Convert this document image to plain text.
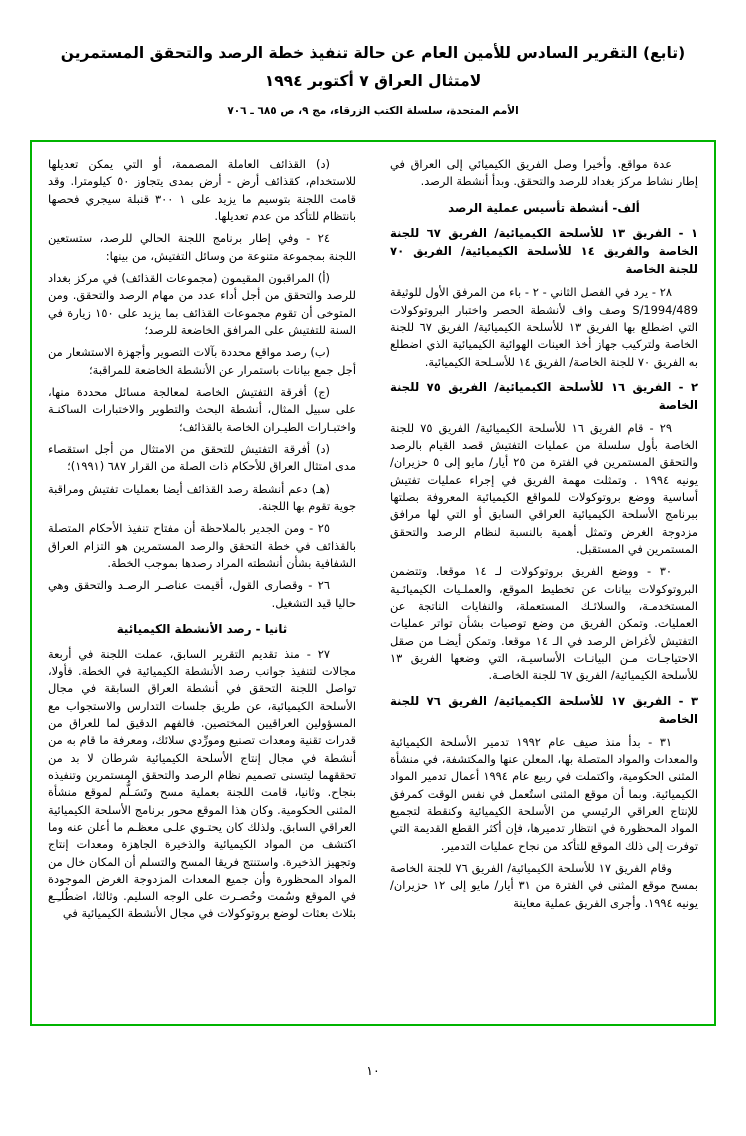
(تابع) التقرير السادس للأمين العام عن حالة تنفيذ خطة الرصد والتحقق المستمرين
لامتثال العراق ٧ أكتوبر ١٩٩٤
الأمم المتحدة، سلسلة الكتب الزرقاء، مج ٩، ص ٦٨٥ ـ ٧٠٦

عدة مواقع. وأخيرا وصل الفريق الكيميائي إلى العراق في إطار نشاط مركز بغداد للرصد والتحقق. وبدأ أنشطة الرصد.

ألف- أنشطة تأسيس عملية الرصد
١ - الفريق ١٣ للأسلحة الكيميائية/ الفريق ٦٧ للجنة الخاصة والفريق ١٤ للأسلحة الكيميائية/ الفريق ٧٠ للجنة الخاصة

٢٨ - يرد في الفصل الثاني - ٢ - باء من المرفق الأول للوثيقة S/1994/489 وصف واف لأنشطة الحصر واختبار البروتوكولات التي اضطلع بها الفريق ١٣ للأسلحة الكيميائية/ الفريق ٦٧ للجنة الخاصة ولتركيب جهاز أخذ العينات الهوائية الكيميائية الذي اضطلع به الفريق ٧٠ للجنة الخاصة/ الفريق ١٤ للأسـلحة الكيميائية.

٢ - الفريق ١٦ للأسلحة الكيميائية/ الفريق ٧٥ للجنة الخاصة

٢٩ - قام الفريق ١٦ للأسلحة الكيميائية/ الفريق ٧٥ للجنة الخاصة بأول سلسلة من عمليات التفتيش قصد القيام بالرصد والتحقق المستمرين في الفترة من ٢٥ أيار/ مايو إلى ٥ حزيران/ يونيه ١٩٩٤ . وتمثلت مهمة الفريق في إجراء عمليات تفتيش أساسية ووضع بروتوكولات للمواقع الكيميائية المعروفة بصلتها ببرنامج الأسلحة الكيميائية العراقي السابق أو التي لها مرافق مزدوجة الغرض وتمثل أهمية بالنسبة لنظام الرصد والتحقق المستمرين في المستقبل.

٣٠ - ووضع الفريق بروتوكولات لـ ١٤ موقعا. وتتضمن البروتوكولات بيانات عن تخطيط الموقع، والعملـيات الكيميائـية المستخدمـة، والسلائـك المستعملة، والنفايات الناتجة عن العمليات. وتمكن الفريق من وضع توصيات بشأن تواتر عمليات التفتيش لأغراض الرصد في الـ ١٤ موقعا. وتمكن أيضـا من صقل الاحتياجـات مـن البيانـات الأساسيـة، التي وضعها الفريق ١٣ للأسلحة الكيميائية/ الفريق ٦٧ للجنة الخاصـة.

٣ - الفريق ١٧ للأسلحة الكيميائية/ الفريق ٧٦ للجنة الخاصة

٣١ - بدأ منذ صيف عام ١٩٩٢ تدمير الأسلحة الكيميائية والمعدات والمواد المتصلة بها، المعلن عنها والمكتشفة، في منشأة المثنى الحكومية، واكتملت في ربيع عام ١٩٩٤ أعمال تدمير المواد الكيميائية. وبما أن موقع المثنى استُعمل في نفس الوقت كمرفق للإنتاج العراقي الرئيسي من الأسلحة الكيميائية وكنقطة لتجميع المواد المحظورة في انتظار تدميرها، فإن أكثر القطع القديمة التي توفرت إلى ذلك الموقع للتأكد من نجاح عمليات التدمير.

وقام الفريق ١٧ للأسلحة الكيميائية/ الفريق ٧٦ للجنة الخاصة بمسح موقع المثنى في الفترة من ٣١ أيار/ مايو إلى ١٢ حزيران/ يونيه ١٩٩٤. وأجرى الفريق عملية معاينة

(د) القذائف العاملة المصممة، أو التي يمكن تعديلها للاستخدام، كقذائف أرض - أرض بمدى يتجاوز ٥٠ كيلومترا. وقد قامت اللجنة بتوسيم ما يزيد على ١ ٣٠٠ قنبلة سيجري فحصها بانتظام للتأكد من عدم تعديلها.

٢٤ - وفي إطار برنامج اللجنة الحالي للرصد، ستستعين اللجنة بمجموعة متنوعة من وسائل التفتيش، من بينها:

(أ) المراقبون المقيمون (مجموعات القذائف) في مركز بغداد للرصد والتحقق من أجل أداء عدد من مهام الرصد والتحقق. ومن المتوخى أن تقوم مجموعات القذائف بما يزيد على ١٥٠ زيارة في السنة للتفتيش على المرافق الخاضعة للرصد؛

(ب) رصد مواقع محددة بآلات التصوير وأجهزة الاستشعار من أجل جمع بيانات باستمرار عن الأنشطة الخاضعة للمراقبة؛

(ج) أفرقة التفتيش الخاصة لمعالجة مسائل محددة منها، على سبيل المثال، أنشطة البحث والتطوير والاختبارات الساكنـة واختبـارات الطيـران الخاصة بالقذائف؛

(د) أفرقة التفتيش للتحقق من الامتثال من أجل استقصاء مدى امتثال العراق للأحكام ذات الصلة من القرار ٦٨٧ (١٩٩١)؛

(هـ) دعم أنشطة رصد القذائف أيضا بعمليات تفتيش ومراقبة جوية تقوم بها اللجنة.

٢٥ - ومن الجدير بالملاحظة أن مفتاح تنفيذ الأحكام المتصلة بالقذائف في خطة التحقق والرصد المستمرين هو التزام العراق الشفافية بشأن أنشطته المراد رصدها بموجب الخطة.

٢٦ - وقصارى القول، أقيمت عناصـر الرصـد والتحقق وهي حاليا قيد التشغيل.

ثانيا - رصد الأنشطة الكيميائية

٢٧ - منذ تقديم التقرير السابق، عملت اللجنة في أربعة مجالات لتنفيذ جوانب رصد الأنشطة الكيميائية في الخطة. فأولا، تواصل اللجنة التحقق في أنشطة العراق السابقة في مجال الأسلحة الكيميائية، عن طريق جلسات التدارس والاستجواب مع المسؤولين العراقيين المختصين. فالفهم الدقيق لما للعراق من قدرات تقنية ومعدات تصنيع ومورِّدي سلائك، ومعرفة ما قام به من أنشطة في مجال إنتاج الأسلحة الكيميائية شرطان لا بد من تحققهما ليتسنى تصميم نظام الرصد والتحقق المستمرين وتنفيذه بنجاح. وثانيا، قامت اللجنة بعملية مسح وتَسَـلُّم لموقع منشأة المثنى الحكومية. وكان هذا الموقع محور برنامج الأسلحة الكيميائية العراقي السابق. ولذلك كان يحتـوي علـى معظـم ما أعلن عنه وما اكتشف من المواد الكيميائية والذخيرة الجاهزة ومعدات إنتاج وتجهيز الذخيرة. واستنتج فريقا المسح والتسلم أن المكان خال من المواد المحظورة وأن جميع المعدات المزدوجة الغرض الموجودة في الموقع وسُمت وحُصـرت على الوجه السليم. وثالثا، اضطُلـِـع بثلاث بعثات لوضع بروتوكولات في مجال الأنشطة الكيميائية في

١٠
